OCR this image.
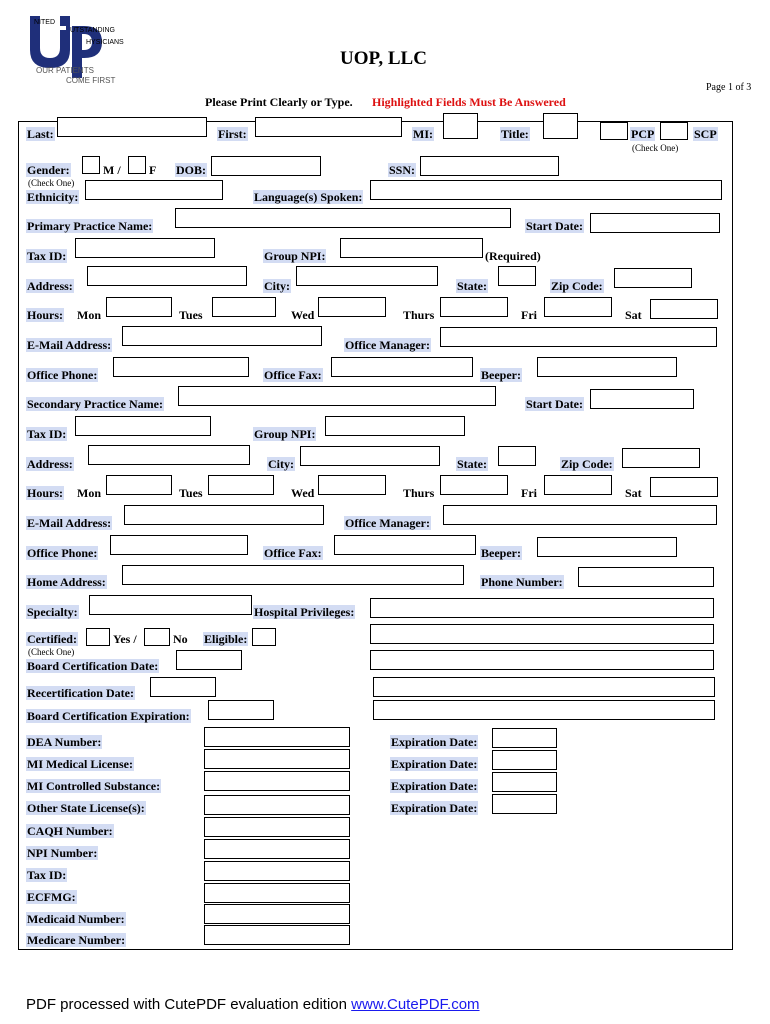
NITED
UTSTANDING
HYSICIANS
OUR PATIENTS
COME FIRST
UOP, LLC
Page 1 of 3
Please Print Clearly or Type. Highlighted Fields Must Be Answered
Last:	First:	MI:	Title:	PCP	SCP
(Check One)
Gender:	M / F DOB:	SSN:
(Check One)
Ethnicity:	Language(s) Spoken:
Primary Practice Name:	Start Date:
Tax ID:	Group NPI:	(Required)
Address:	City:	State:	Zip Code:
Hours: Mon	Tues	Wed	Thurs	Fri	Sat
E-Mail Address:	Office Manager:
Office Phone:	Office Fax:	Beeper:
Secondary Practice Name:	Start Date:
Tax ID:	Group NPI:
Address:	City:	State:	Zip Code:
Hours: Mon	Tues	Wed	Thurs	Fri	Sat
E-Mail Address:	Office Manager:
Office Phone:	Office Fax:	Beeper:
Home Address:	Phone Number:
Specialty:	Hospital Privileges:
Certified:	Yes /	No Eligible:
(Check One)
Board Certification Date:
Recertification Date:
Board Certification Expiration:
DEA Number:	Expiration Date:
MI Medical License:	Expiration Date:
MI Controlled Substance:	Expiration Date:
Other State License(s):	Expiration Date:
CAQH Number:
NPI Number:
Tax ID:
ECFMG:
Medicaid Number:
Medicare Number:
PDF processed with CutePDF evaluation edition www.CutePDF.com
